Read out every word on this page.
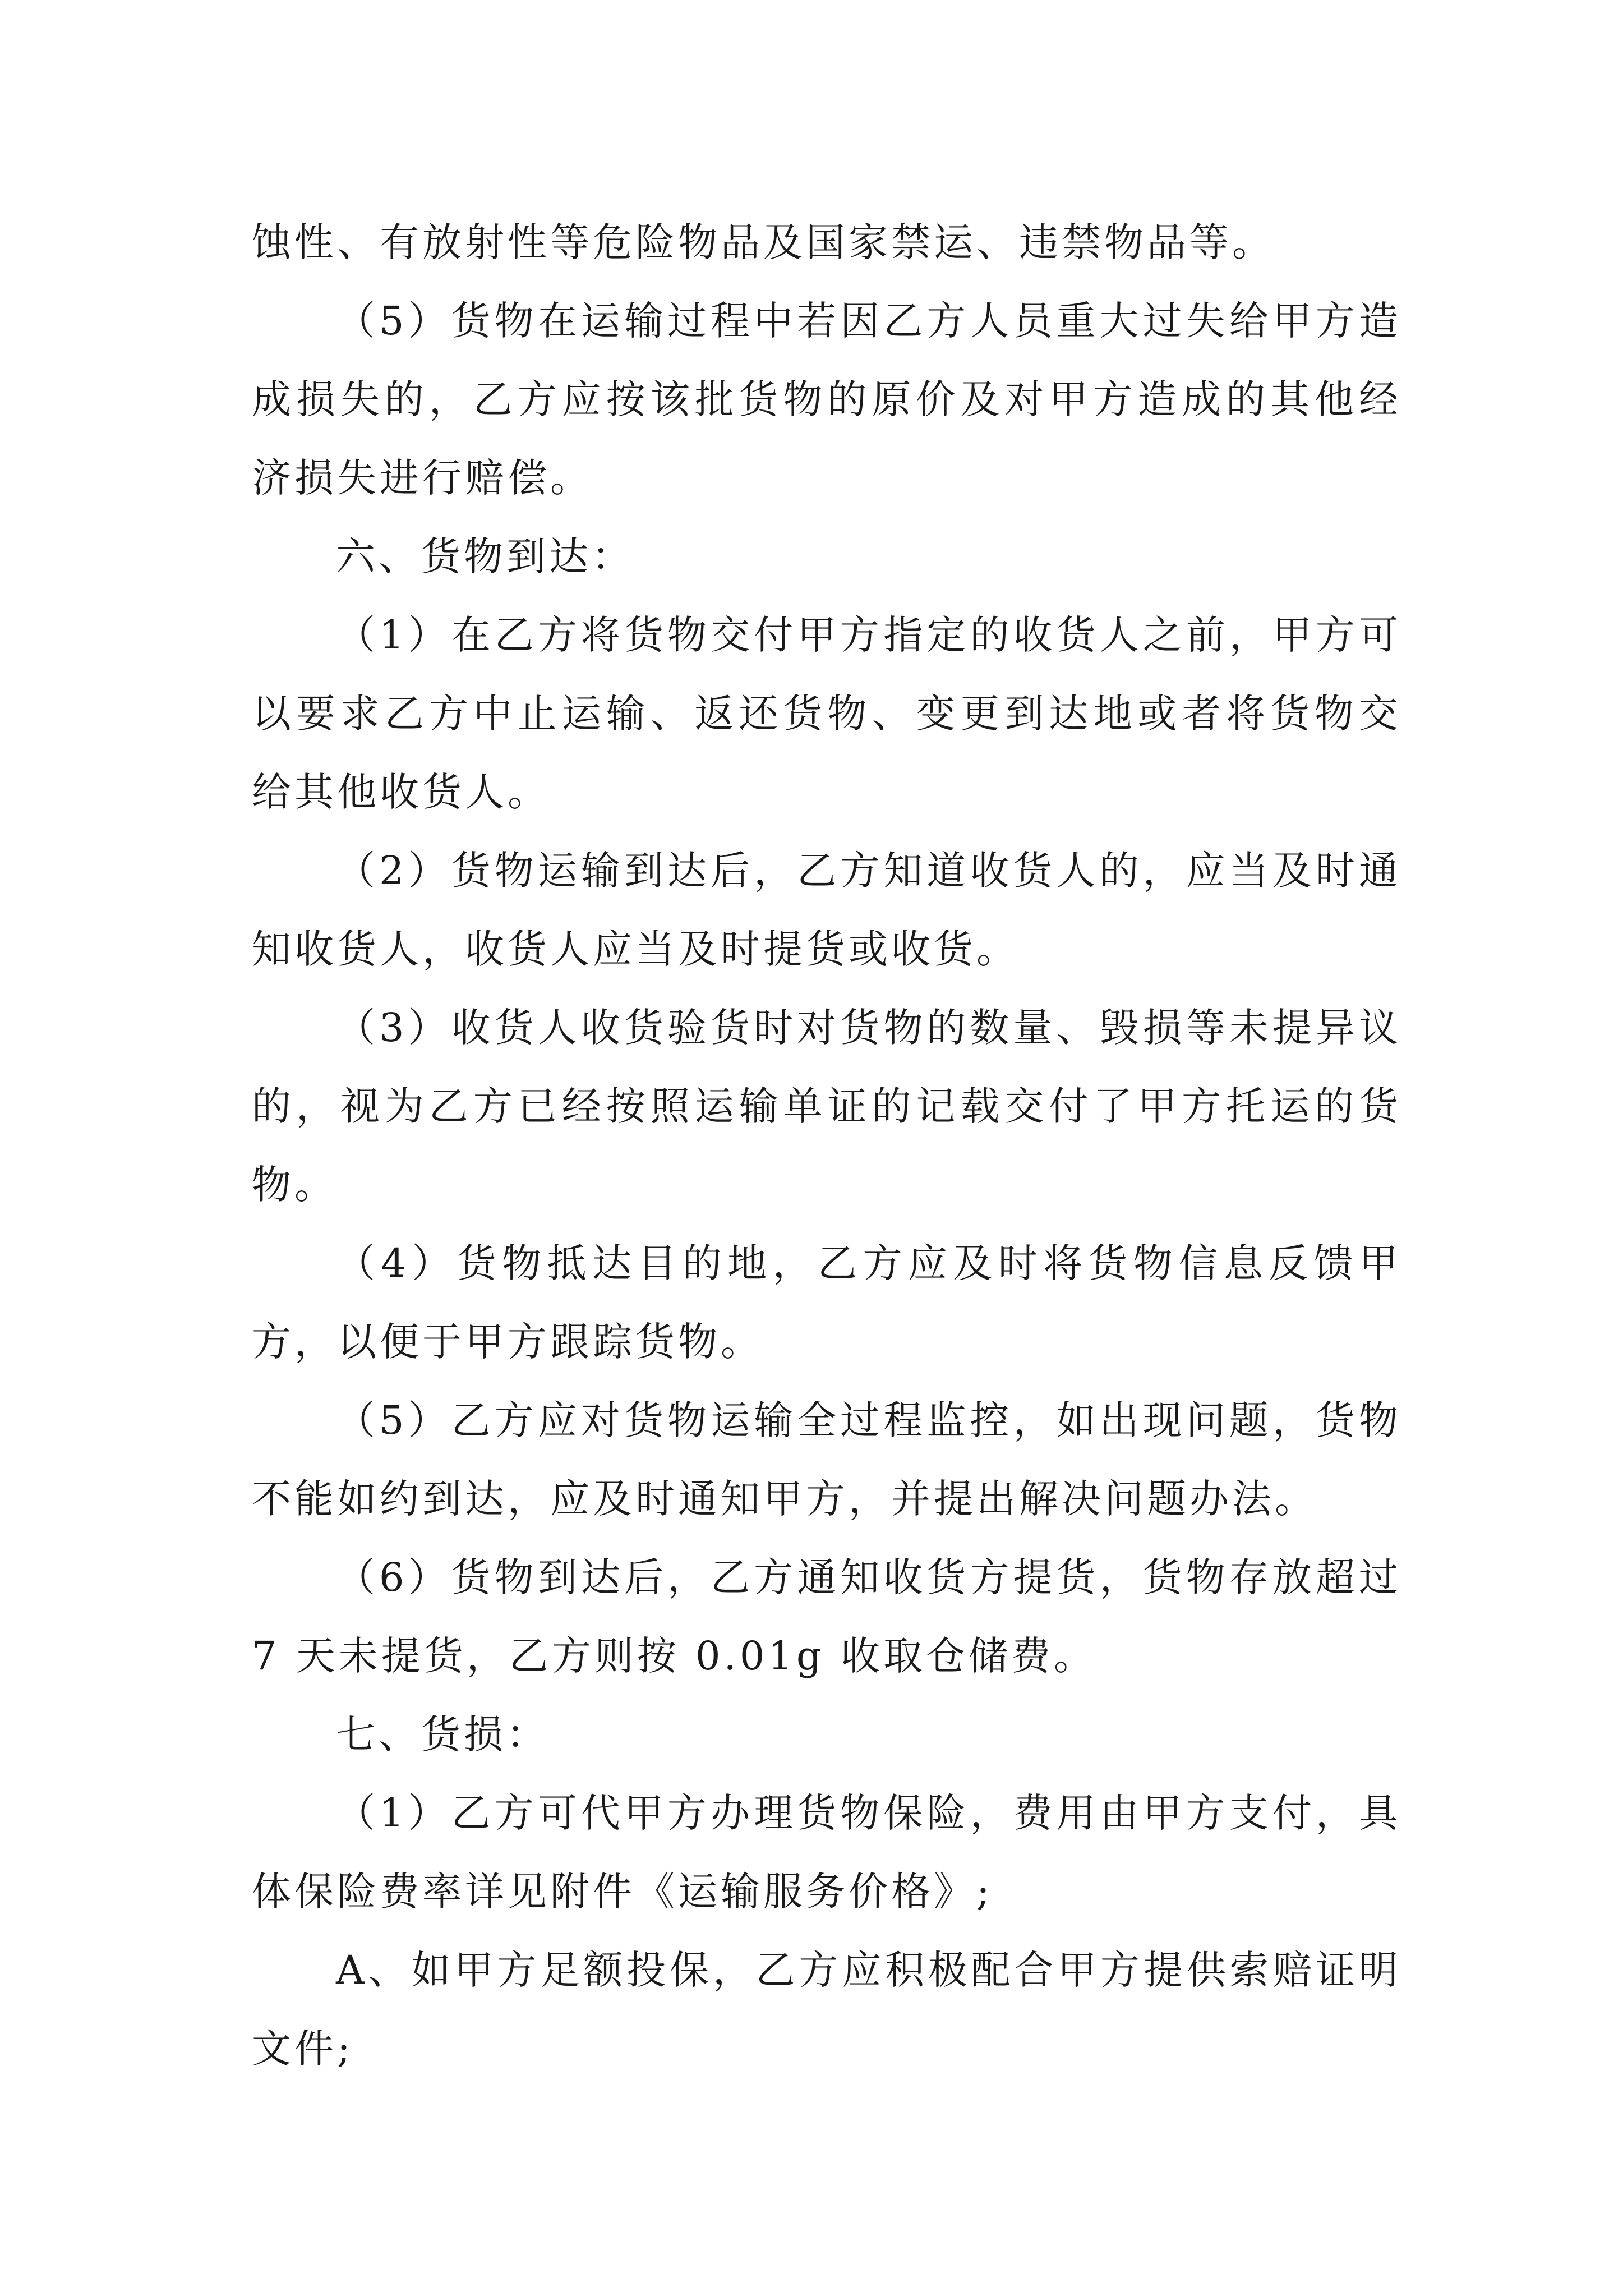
蚀性、有放射性等危险物品及国家禁运、违禁物品等。

（5）货物在运输过程中若因乙方人员重大过失给甲方造成损失的，乙方应按该批货物的原价及对甲方造成的其他经济损失进行赔偿。

六、货物到达：

（1）在乙方将货物交付甲方指定的收货人之前，甲方可以要求乙方中止运输、返还货物、变更到达地或者将货物交给其他收货人。

（2）货物运输到达后，乙方知道收货人的，应当及时通知收货人，收货人应当及时提货或收货。

（3）收货人收货验货时对货物的数量、毁损等未提异议的，视为乙方已经按照运输单证的记载交付了甲方托运的货物。

（4）货物抵达目的地，乙方应及时将货物信息反馈甲方，以便于甲方跟踪货物。

（5）乙方应对货物运输全过程监控，如出现问题，货物不能如约到达，应及时通知甲方，并提出解决问题办法。

（6）货物到达后，乙方通知收货方提货，货物存放超过 7 天未提货，乙方则按 0.01g 收取仓储费。

七、货损：

（1）乙方可代甲方办理货物保险，费用由甲方支付，具体保险费率详见附件《运输服务价格》;

A、如甲方足额投保，乙方应积极配合甲方提供索赔证明文件;
